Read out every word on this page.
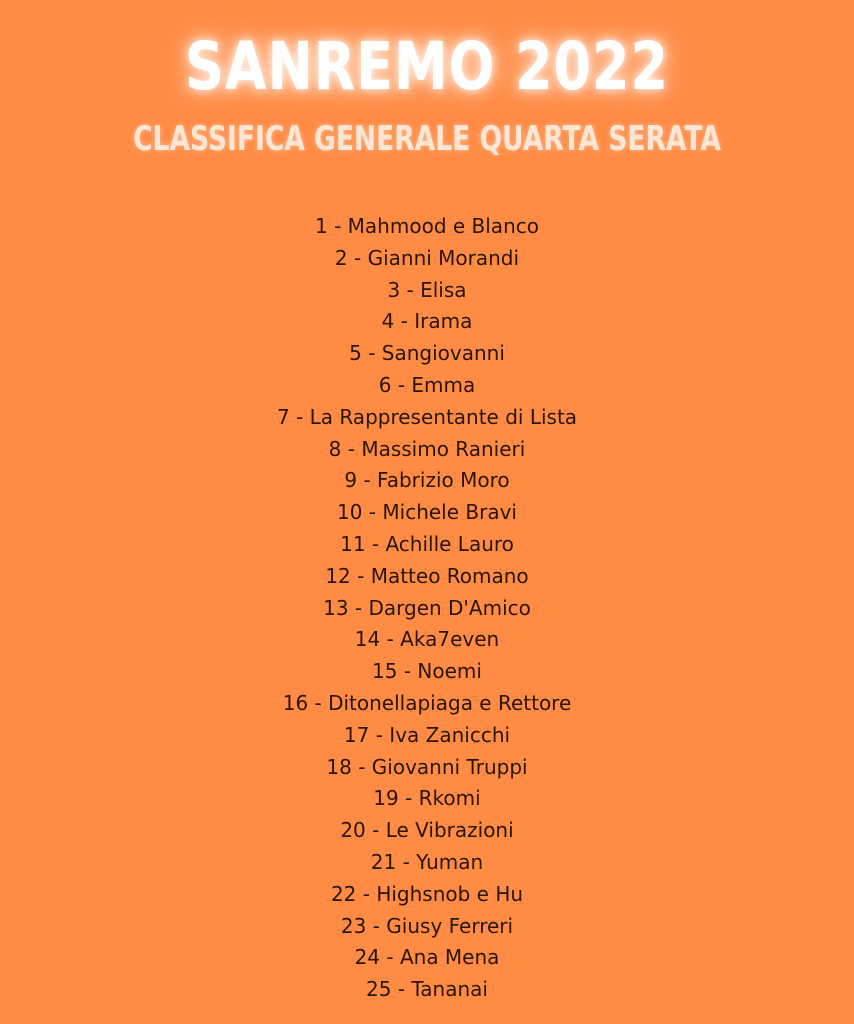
SANREMO 2022
CLASSIFICA GENERALE QUARTA SERATA
1 - Mahmood e Blanco
2 - Gianni Morandi
3 - Elisa
4 - Irama
5 - Sangiovanni
6 - Emma
7 - La Rappresentante di Lista
8 - Massimo Ranieri
9 - Fabrizio Moro
10 - Michele Bravi
11 - Achille Lauro
12 - Matteo Romano
13 - Dargen D'Amico
14 - Aka7even
15 - Noemi
16 - Ditonellapiaga e Rettore
17 - Iva Zanicchi
18 - Giovanni Truppi
19 - Rkomi
20 - Le Vibrazioni
21 - Yuman
22 - Highsnob e Hu
23 - Giusy Ferreri
24 - Ana Mena
25 - Tananai
